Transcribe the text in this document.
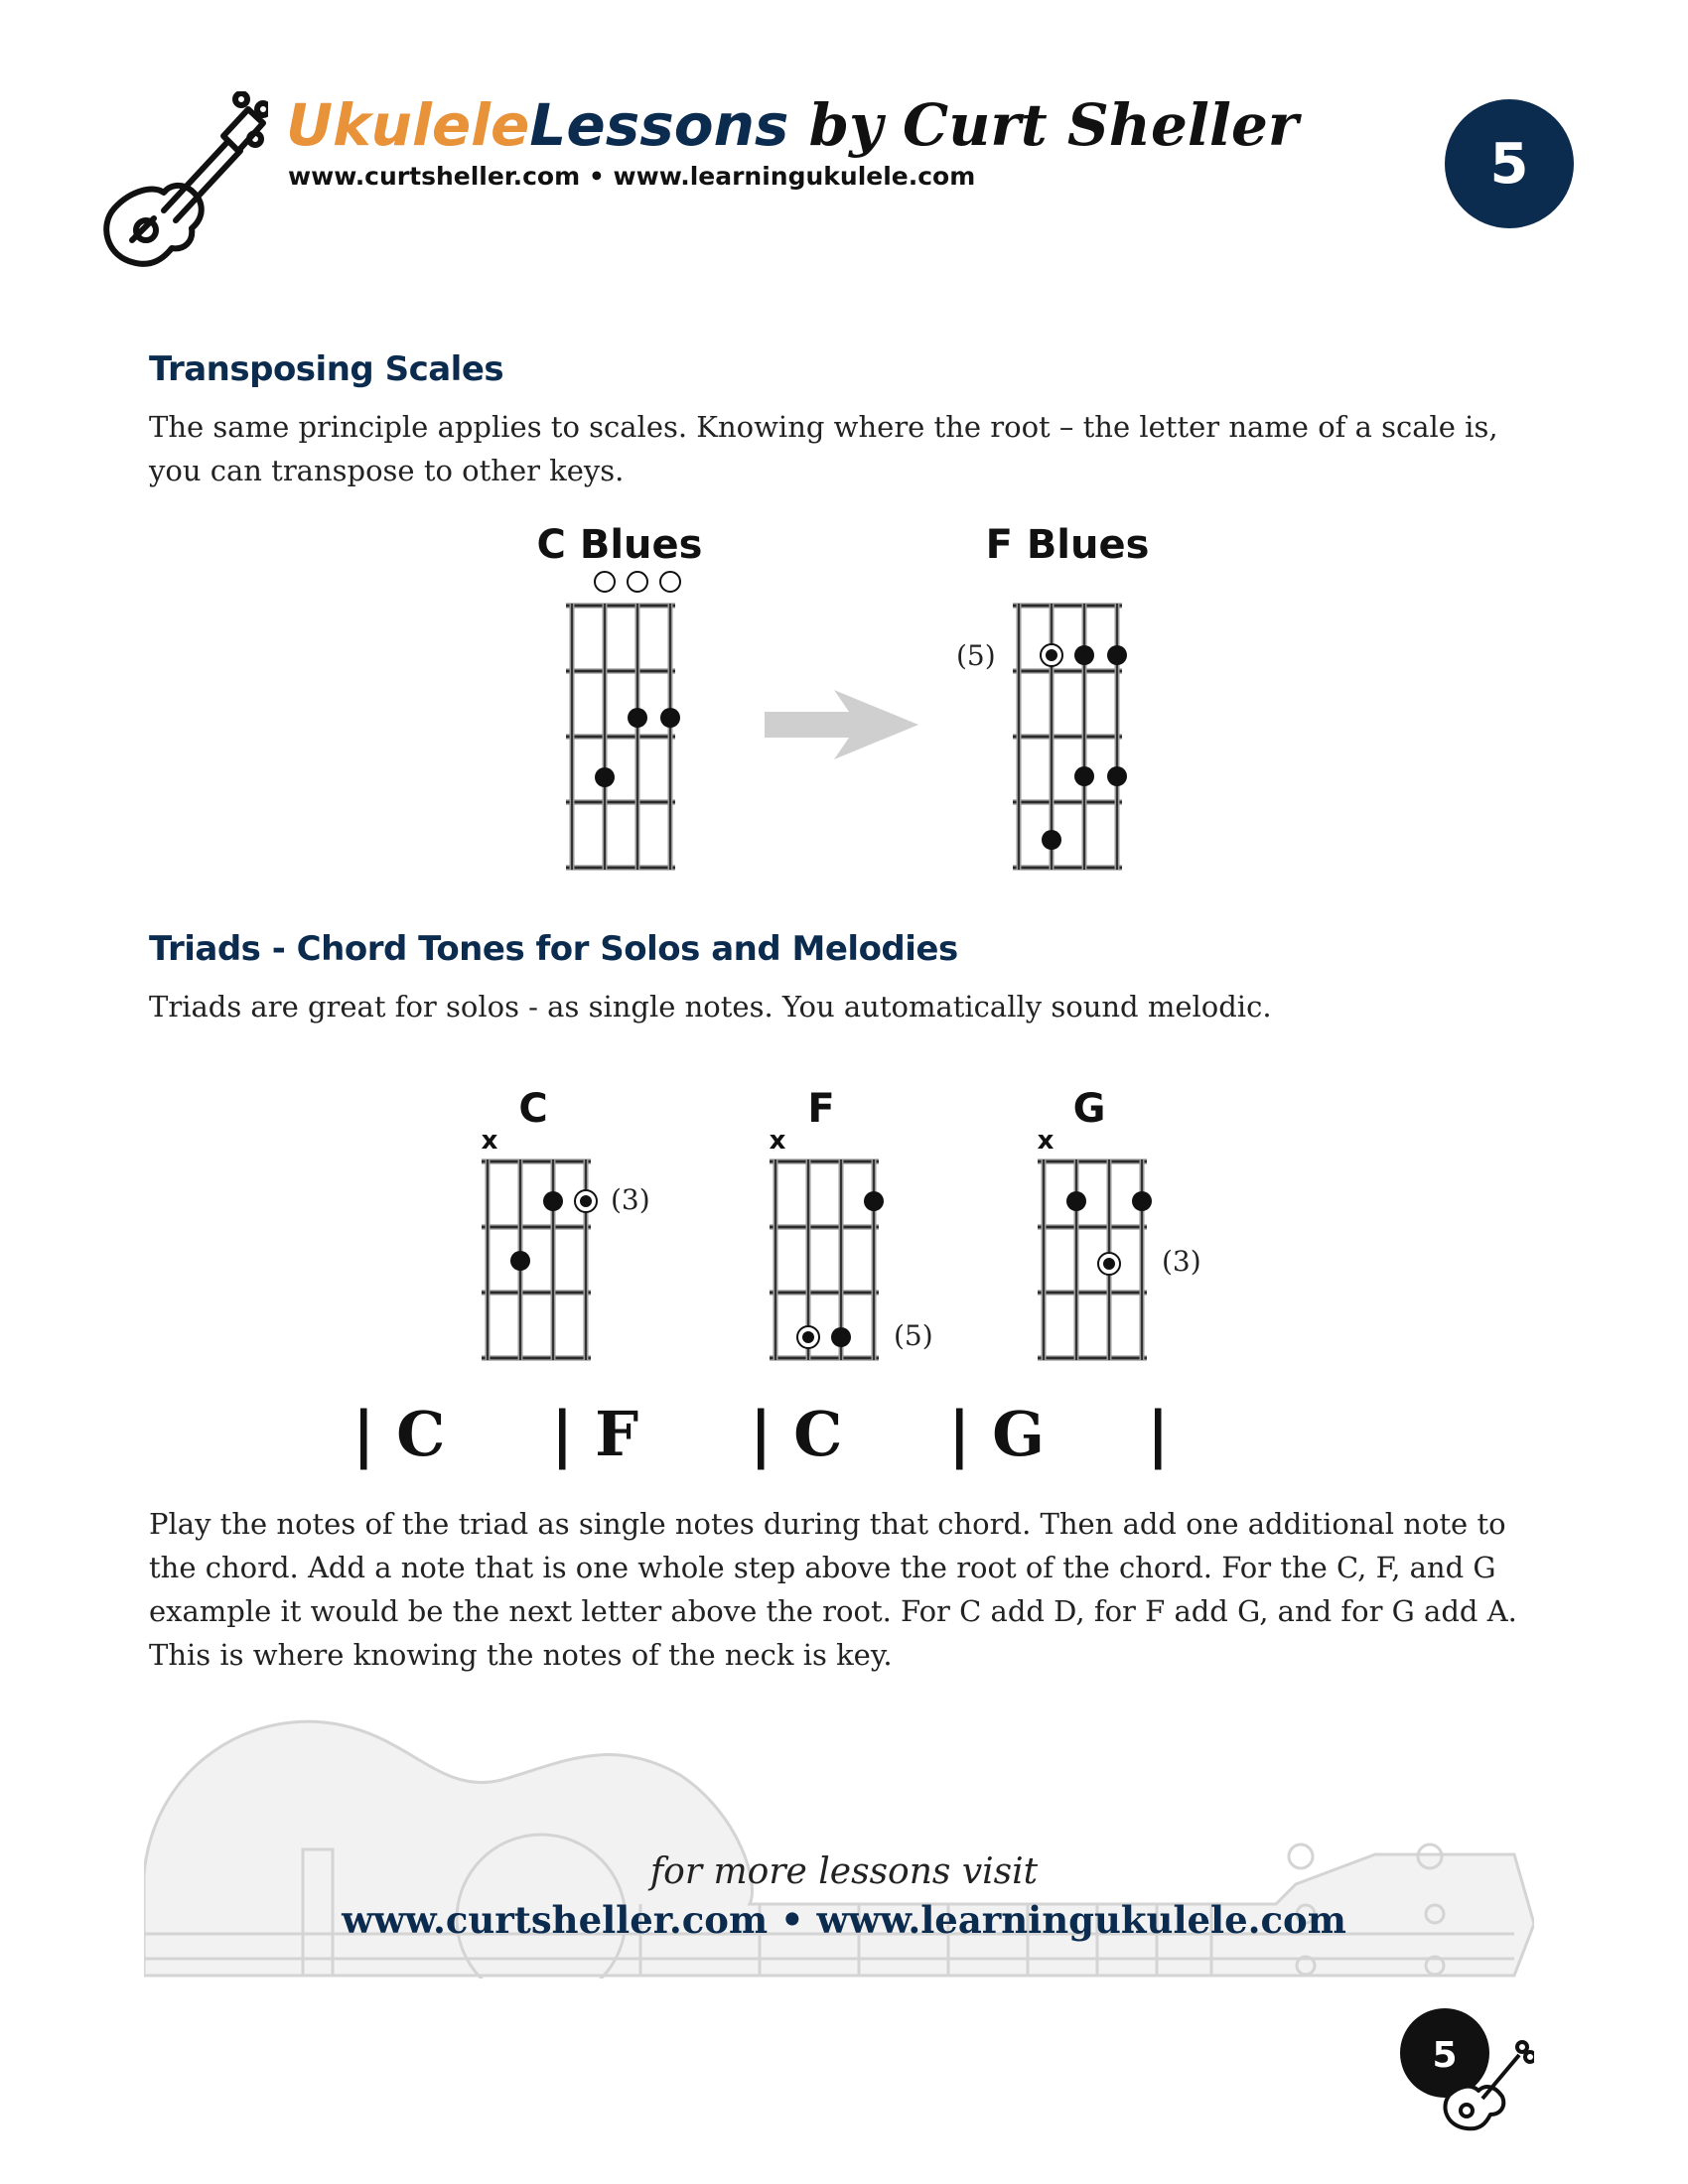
UkuleleLessons by Curt Sheller
www.curtsheller.com • www.learningukulele.com	5
Transposing Scales

The same principle applies to scales. Knowing where the root – the letter name of a scale is, you can transpose to other keys.

C Blues	F Blues
(5)
Triads - Chord Tones for Solos and Melodies

Triads are great for solos - as single notes. You automatically sound melodic.

C
x
(3)
F
x
(5)
G
x
(3)
| C | F | C | G |

Play the notes of the triad as single notes during that chord. Then add one additional note to the chord. Add a note that is one whole step above the root of the chord. For the C, F, and G example it would be the next letter above the root. For C add D, for F add G, and for G add A. This is where knowing the notes of the neck is key.

for more lessons visit
www.curtsheller.com • www.learningukulele.com
5
